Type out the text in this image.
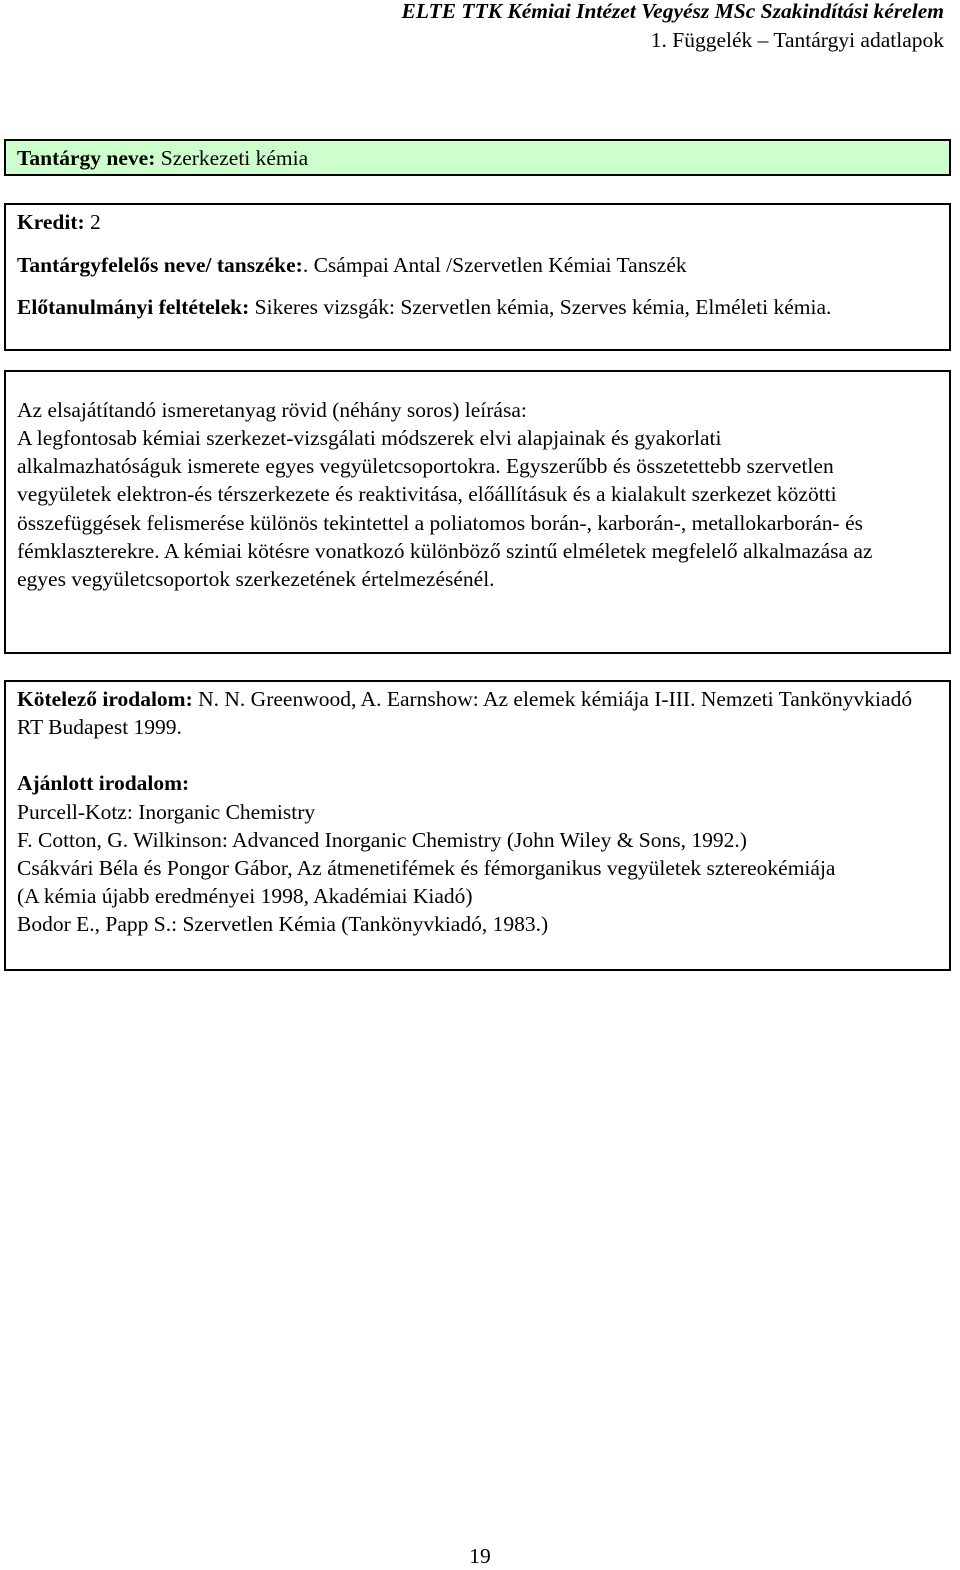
ELTE TTK Kémiai Intézet Vegyész MSc Szakindítási kérelem
1. Függelék – Tantárgyi adatlapok
Tantárgy neve: Szerkezeti kémia
Kredit: 2
Tantárgyfelelős neve/ tanszéke:. Csámpai Antal /Szervetlen Kémiai Tanszék
Előtanulmányi feltételek: Sikeres vizsgák: Szervetlen kémia, Szerves kémia, Elméleti kémia.
Az elsajátítandó ismeretanyag rövid (néhány soros) leírása:
A legfontosab kémiai szerkezet-vizsgálati módszerek elvi alapjainak és gyakorlati alkalmazhatóságuk ismerete egyes vegyületcsoportokra. Egyszerűbb és összetettebb szervetlen vegyületek elektron-és térszerkezete és reaktivitása, előállításuk és a kialakult szerkezet közötti összefüggések felismerése különös tekintettel a poliatomos borán-, karborán-, metallokarborán- és fémklaszterekre. A kémiai kötésre vonatkozó különböző szintű elméletek megfelelő alkalmazása az egyes vegyületcsoportok szerkezetének értelmezésénél.
Kötelező irodalom: N. N. Greenwood, A. Earnshow: Az elemek kémiája I-III. Nemzeti Tankönyvkiadó RT Budapest 1999.
Ajánlott irodalom:
Purcell-Kotz: Inorganic Chemistry
F. Cotton, G. Wilkinson: Advanced Inorganic Chemistry (John Wiley & Sons, 1992.)
Csákvári Béla és Pongor Gábor, Az átmenetifémek és fémorganikus vegyületek sztereokémiája (A kémia újabb eredményei 1998, Akadémiai Kiadó)
Bodor E., Papp S.: Szervetlen Kémia (Tankönyvkiadó, 1983.)
19
